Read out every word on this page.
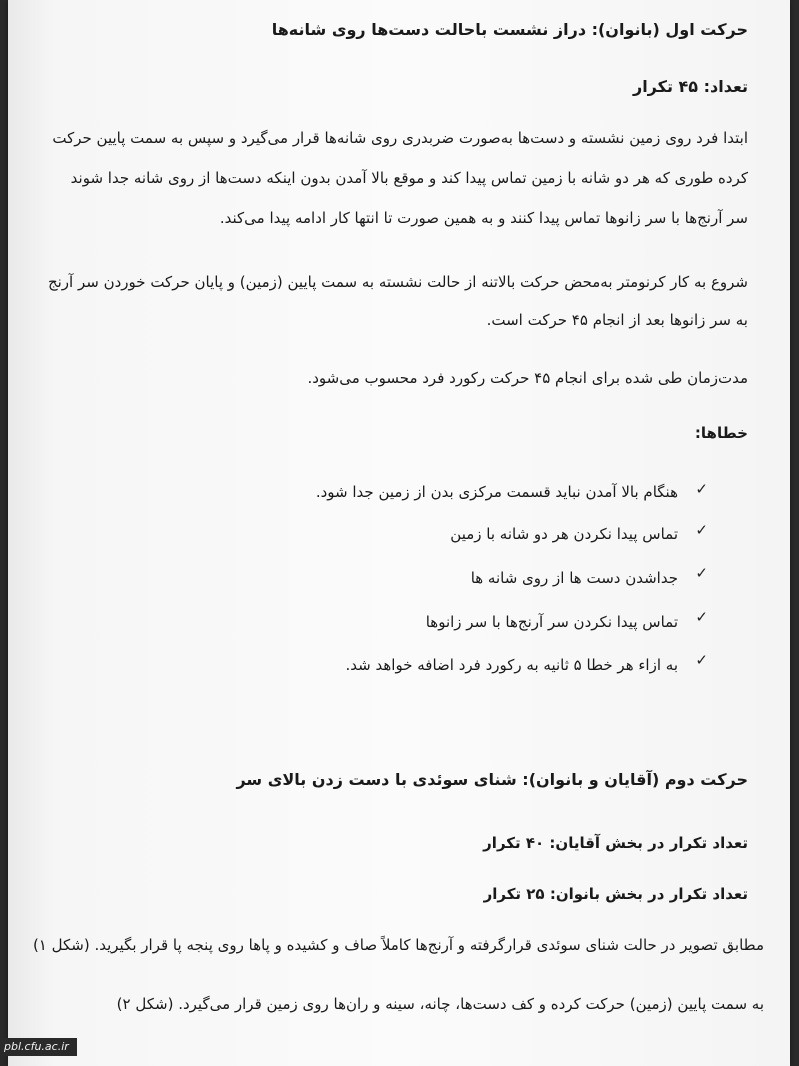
حرکت اول (بانوان): دراز نشست باحالت دست‌ها روی شانه‌ها
تعداد: ۴۵ تکرار
ابتدا فرد روی زمین نشسته و دست‌ها به‌صورت ضربدری روی شانه‌ها قرار می‌گیرد و سپس به سمت پایین حرکت
کرده طوری که هر دو شانه با زمین تماس پیدا کند و موقع بالا آمدن بدون اینکه دست‌ها از روی شانه جدا شوند
سر آرنج‌ها با سر زانوها تماس پیدا کنند و به همین صورت تا انتها کار ادامه پیدا می‌کند.
شروع به کار کرنومتر به‌محض حرکت بالاتنه از حالت نشسته به سمت پایین (زمین) و پایان حرکت خوردن سر آرنج
به سر زانوها بعد از انجام ۴۵ حرکت است.
مدت‌زمان طی شده برای انجام ۴۵ حرکت رکورد فرد محسوب می‌شود.
خطاها:
✓
هنگام بالا آمدن نباید قسمت مرکزی بدن از زمین جدا شود.
✓
تماس پیدا نکردن هر دو شانه با زمین
✓
جداشدن دست ها از روی شانه ها
✓
تماس پیدا نکردن سر آرنج‌ها با سر زانوها
✓
به ازاء هر خطا ۵ ثانیه به رکورد فرد اضافه خواهد شد.
حرکت دوم (آقایان و بانوان): شنای سوئدی با دست زدن بالای سر
تعداد تکرار در بخش آقایان: ۴۰ تکرار
تعداد تکرار در بخش بانوان: ۲۵ تکرار
مطابق تصویر در حالت شنای سوئدی قرارگرفته و آرنج‌ها کاملاً صاف و کشیده و پاها روی پنجه پا قرار بگیرید. (شکل ۱)
به سمت پایین (زمین) حرکت کرده و کف دست‌ها، چانه، سینه و ران‌ها روی زمین قرار می‌گیرد. (شکل ۲)
pbl.cfu.ac.ir
